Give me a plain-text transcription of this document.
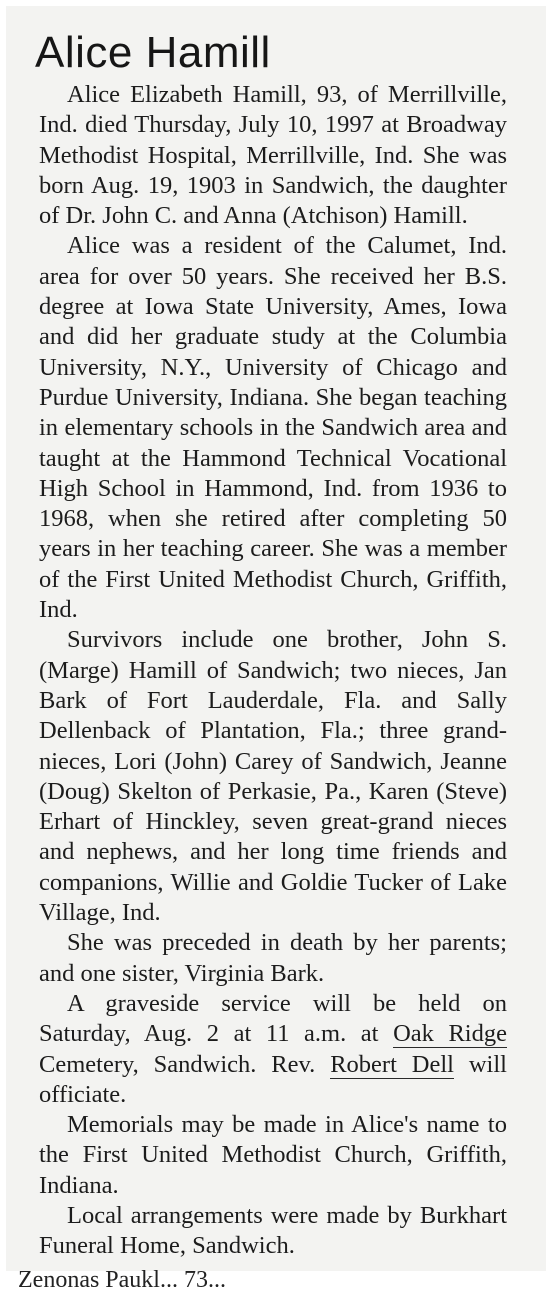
Alice Hamill

Alice Elizabeth Hamill, 93, of Merrillville, Ind. died Thursday, July 10, 1997 at Broadway Methodist Hospital, Merrillville, Ind. She was born Aug. 19, 1903 in Sandwich, the daughter of Dr. John C. and Anna (Atchison) Hamill.

Alice was a resident of the Calumet, Ind. area for over 50 years. She received her B.S. degree at Iowa State University, Ames, Iowa and did her graduate study at the Columbia University, N.Y., University of Chicago and Purdue University, Indiana. She began teaching in elementary schools in the Sandwich area and taught at the Hammond Technical Vocational High School in Hammond, Ind. from 1936 to 1968, when she retired after completing 50 years in her teaching career. She was a member of the First United Methodist Church, Griffith, Ind.

Survivors include one brother, John S. (Marge) Hamill of Sandwich; two nieces, Jan Bark of Fort Lauderdale, Fla. and Sally Dellenback of Plantation, Fla.; three grand-nieces, Lori (John) Carey of Sandwich, Jeanne (Doug) Skelton of Perkasie, Pa., Karen (Steve) Erhart of Hinckley, seven great-grand nieces and nephews, and her long time friends and companions, Willie and Goldie Tucker of Lake Village, Ind.

She was preceded in death by her parents; and one sister, Virginia Bark.

A graveside service will be held on Saturday, Aug. 2 at 11 a.m. at Oak Ridge Cemetery, Sandwich. Rev. Robert Dell will officiate.

Memorials may be made in Alice's name to the First United Methodist Church, Griffith, Indiana.

Local arrangements were made by Burkhart Funeral Home, Sandwich.

Zenonas Paukl... 73...
